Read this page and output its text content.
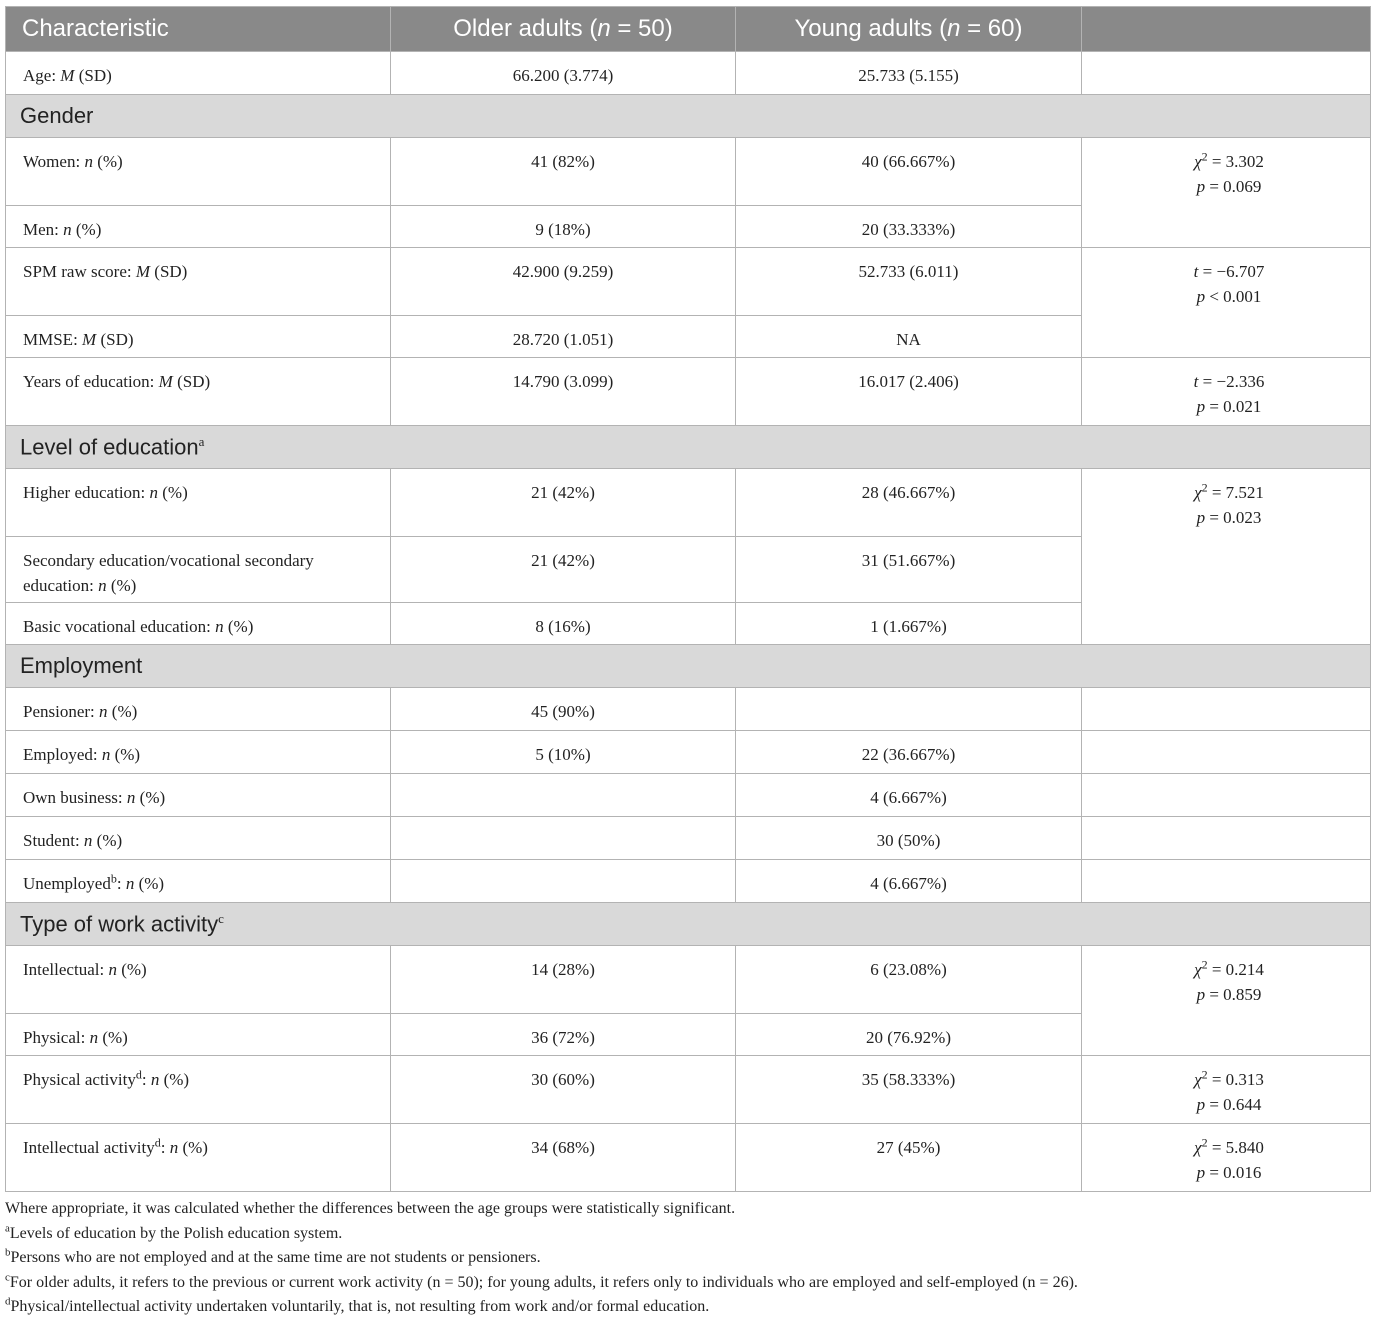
Characteristic	Older adults (n = 50)	Young adults (n = 60)	
Age: M (SD)	66.200 (3.774)	25.733 (5.155)	
Gender			
Women: n (%)	41 (82%)	40 (66.667%)	χ$^2$ = 3.302
p = 0.069
Men: n (%)	9 (18%)	20 (33.333%)	
SPM raw score: M (SD)	42.900 (9.259)	52.733 (6.011)	t = −6.707
p < 0.001
MMSE: M (SD)	28.720 (1.051)	NA	
Years of education: M (SD)	14.790 (3.099)	16.017 (2.406)	t = −2.336
p = 0.021
Level of education$^a$
Higher education: n (%)	21 (42%)	28 (46.667%)	χ$^2$ = 7.521
p = 0.023
Secondary education/vocational secondary
education: n (%)	21 (42%)	31 (51.667%)	
Basic vocational education: n (%)	8 (16%)	1 (1.667%)	
Employment			
Pensioner: n (%)	45 (90%)		
Employed: n (%)	5 (10%)	22 (36.667%)	
Own business: n (%)		4 (6.667%)	
Student: n (%)		30 (50%)	
Unemployed$^b$: n (%)		4 (6.667%)	
Type of work activity$^c$
Intellectual: n (%)	14 (28%)	6 (23.08%)	χ$^2$ = 0.214
p = 0.859
Physical: n (%)	36 (72%)	20 (76.92%)	
Physical activity$^d$: n (%)	30 (60%)	35 (58.333%)	χ$^2$ = 0.313
p = 0.644
Intellectual activity$^d$: n (%)	34 (68%)	27 (45%)	χ$^2$ = 5.840
p = 0.016

Where appropriate, it was calculated whether the differences between the age groups were statistically significant.

$^a$Levels of education by the Polish education system.

$^b$Persons who are not employed and at the same time are not students or pensioners.

$^c$For older adults, it refers to the previous or current work activity (n = 50); for young adults, it refers only to individuals who are employed and self-employed (n = 26).

$^d$Physical/intellectual activity undertaken voluntarily, that is, not resulting from work and/or formal education.
